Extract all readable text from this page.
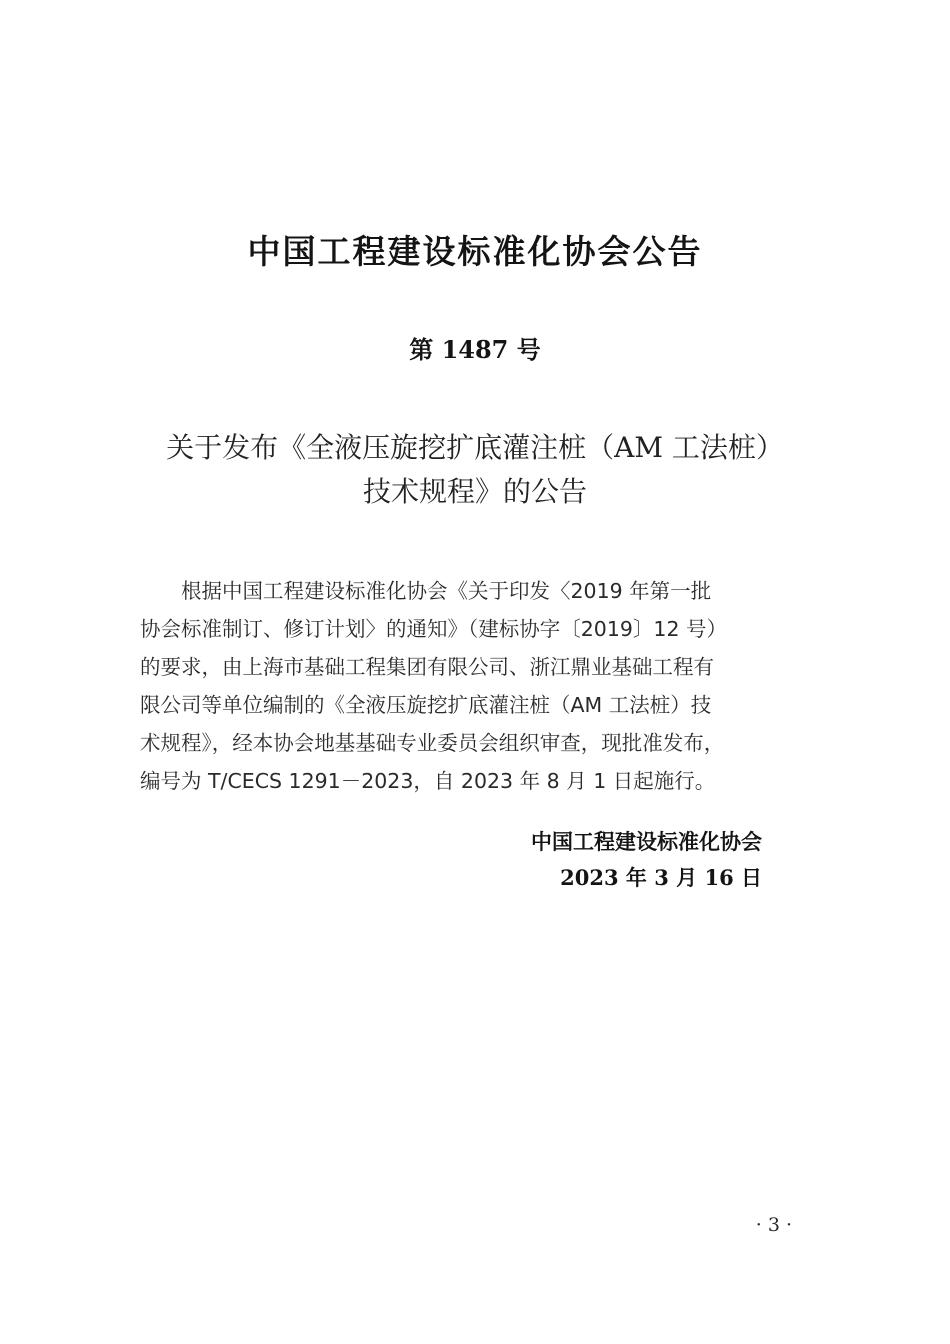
中国工程建设标准化协会公告
第 1487 号
关于发布《全液压旋挖扩底灌注桩（AM 工法桩）
技术规程》的公告
根据中国工程建设标准化协会《关于印发〈2019 年第一批
协会标准制订、修订计划〉的通知》（建标协字〔2019〕12 号）
的要求，由上海市基础工程集团有限公司、浙江鼎业基础工程有
限公司等单位编制的《全液压旋挖扩底灌注桩（AM 工法桩）技
术规程》，经本协会地基基础专业委员会组织审查，现批准发布，
编号为 T/CECS 1291－2023，自 2023 年 8 月 1 日起施行。
中国工程建设标准化协会
2023 年 3 月 16 日
· 3 ·
